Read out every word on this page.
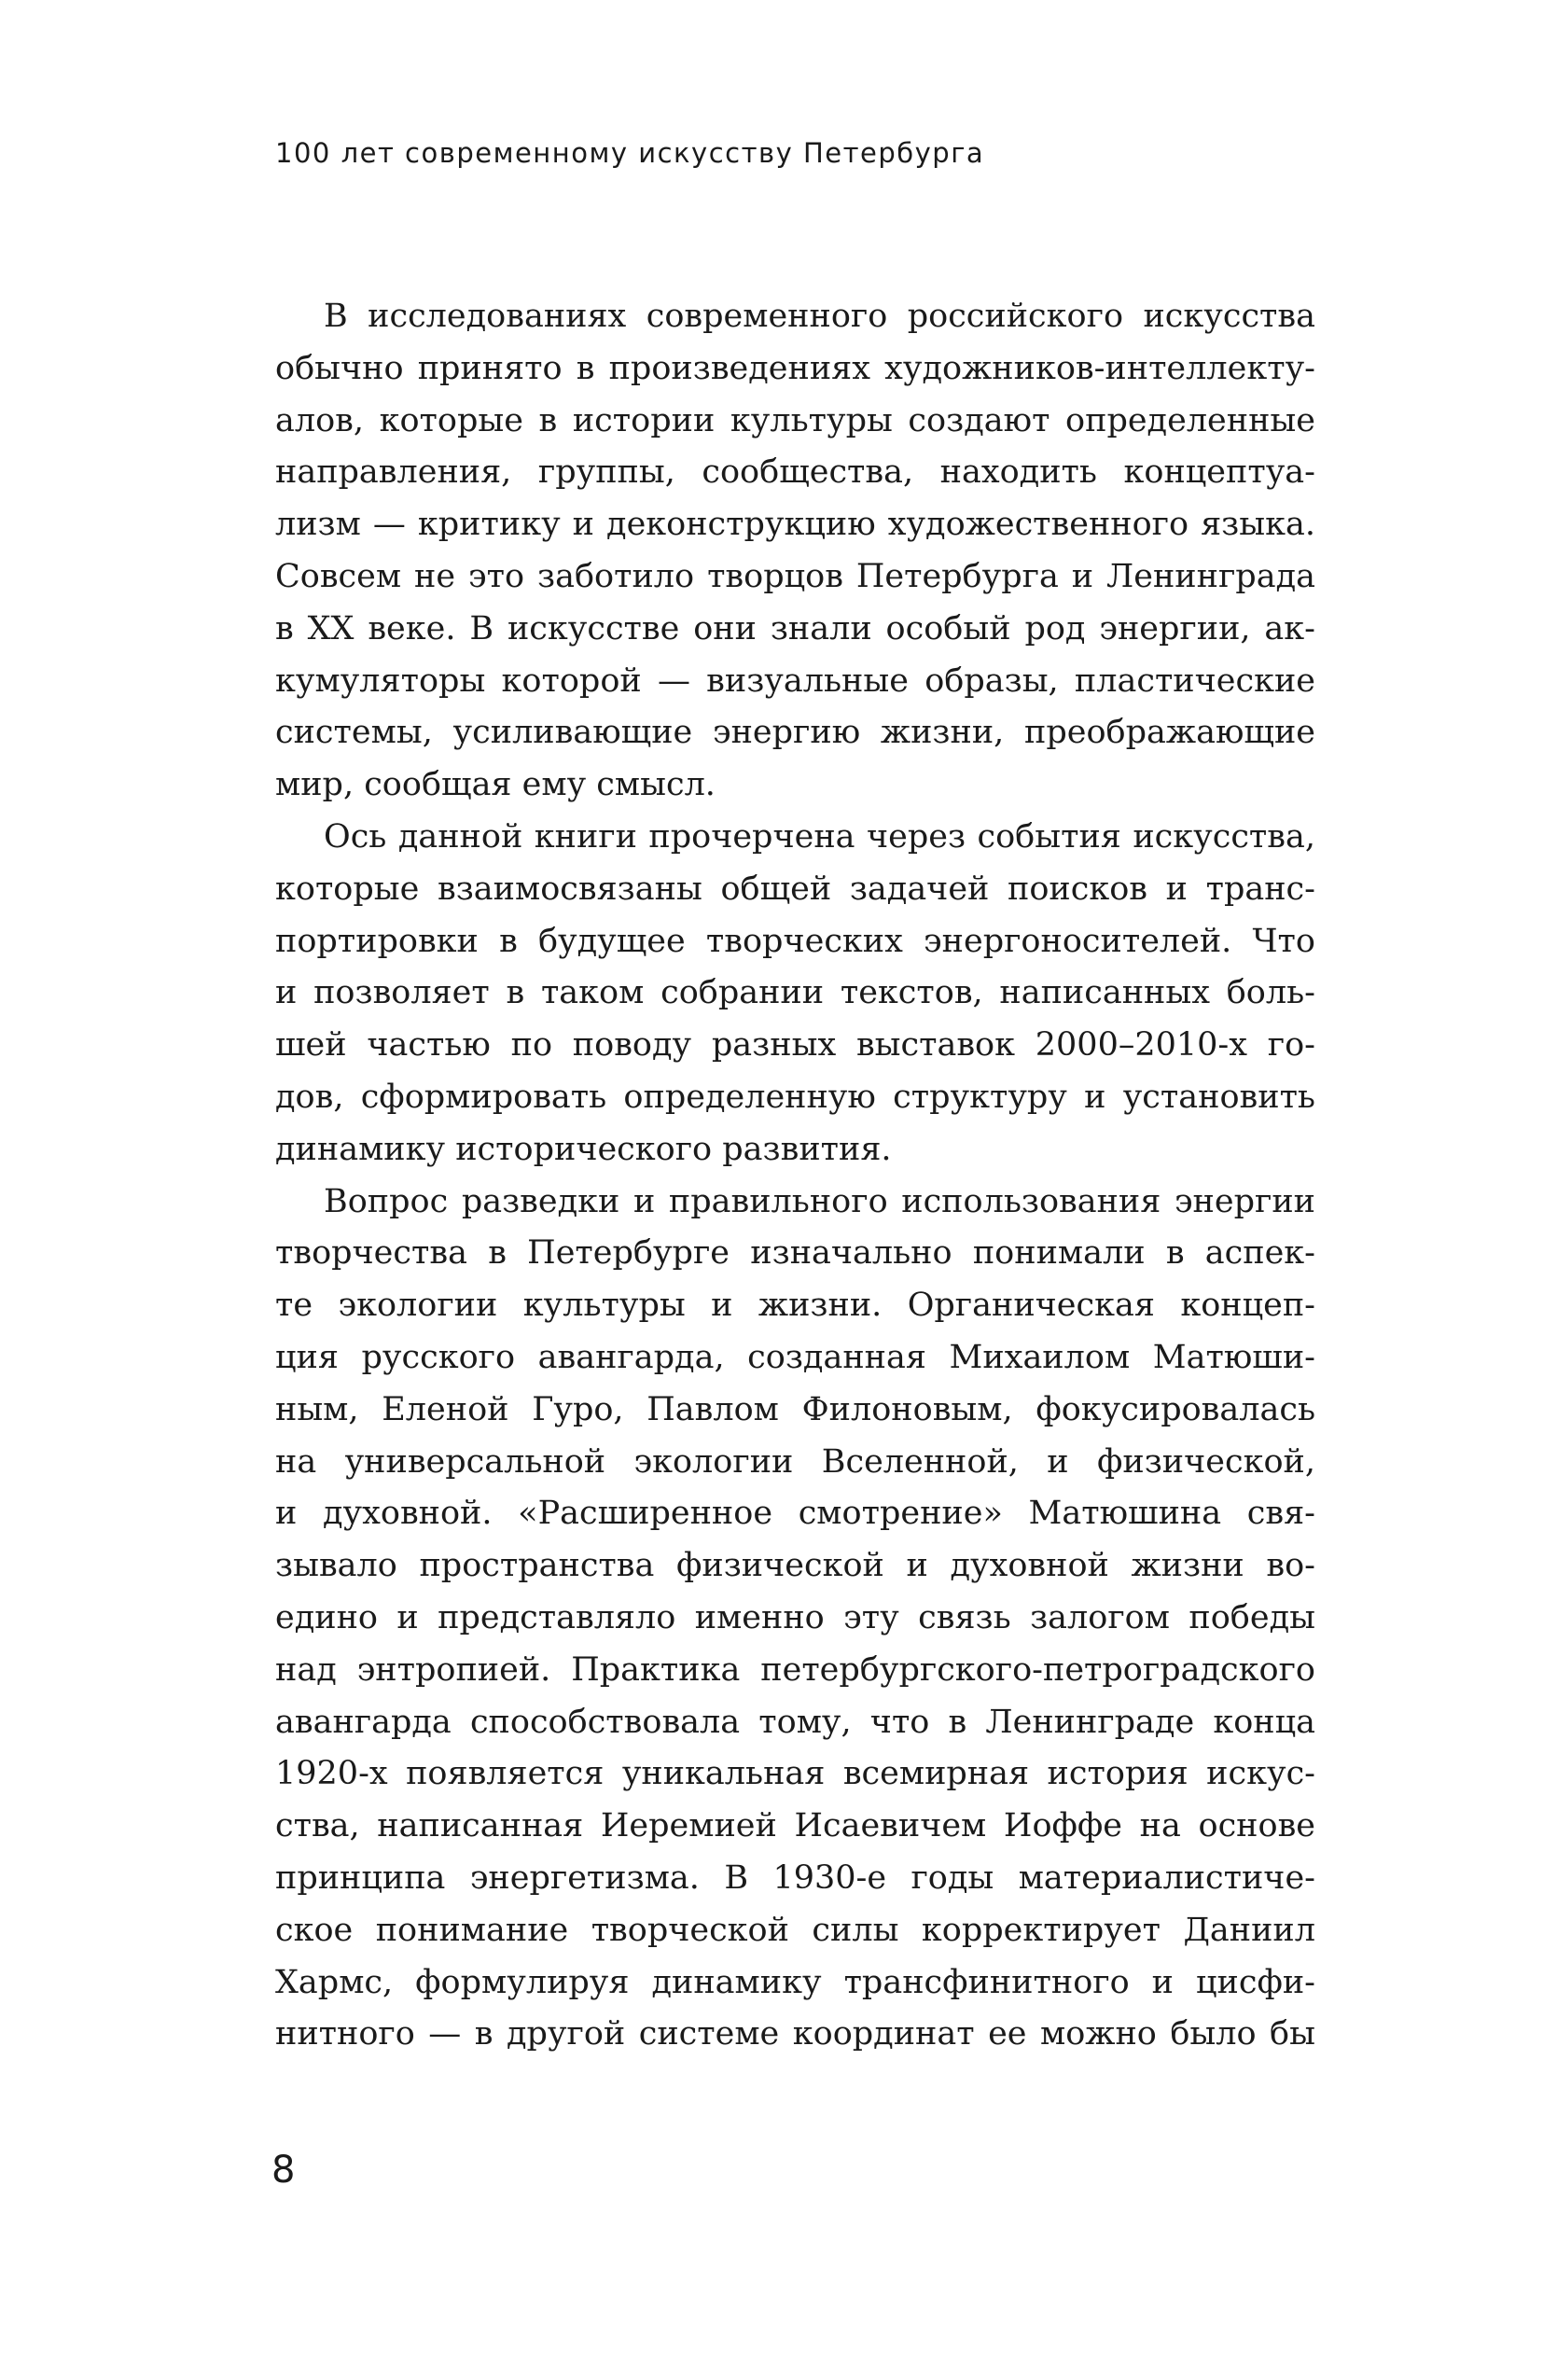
100 лет современному искусству Петербурга
В исследованиях современного российского искусства
обычно принято в произведениях художников-интеллекту-
алов, которые в истории культуры создают определенные
направления, группы, сообщества, находить концептуа-
лизм — критику и деконструкцию художественного языка.
Совсем не это заботило творцов Петербурга и Ленинграда
в XX веке. В искусстве они знали особый род энергии, ак-
кумуляторы которой — визуальные образы, пластические
системы, усиливающие энергию жизни, преображающие
мир, сообщая ему смысл.
Ось данной книги прочерчена через события искусства,
которые взаимосвязаны общей задачей поисков и транс-
портировки в будущее творческих энергоносителей. Что
и позволяет в таком собрании текстов, написанных боль-
шей частью по поводу разных выставок 2000–2010-х го-
дов, сформировать определенную структуру и установить
динамику исторического развития.
Вопрос разведки и правильного использования энергии
творчества в Петербурге изначально понимали в аспек-
те экологии культуры и жизни. Органическая концеп-
ция русского авангарда, созданная Михаилом Матюши-
ным, Еленой Гуро, Павлом Филоновым, фокусировалась
на универсальной экологии Вселенной, и физической,
и духовной. «Расширенное смотрение» Матюшина свя-
зывало пространства физической и духовной жизни во-
едино и представляло именно эту связь залогом победы
над энтропией. Практика петербургского-петроградского
авангарда способствовала тому, что в Ленинграде конца
1920-х появляется уникальная всемирная история искус-
ства, написанная Иеремией Исаевичем Иоффе на основе
принципа энергетизма. В 1930-е годы материалистиче-
ское понимание творческой силы корректирует Даниил
Хармс, формулируя динамику трансфинитного и цисфи-
нитного — в другой системе координат ее можно было бы
8
